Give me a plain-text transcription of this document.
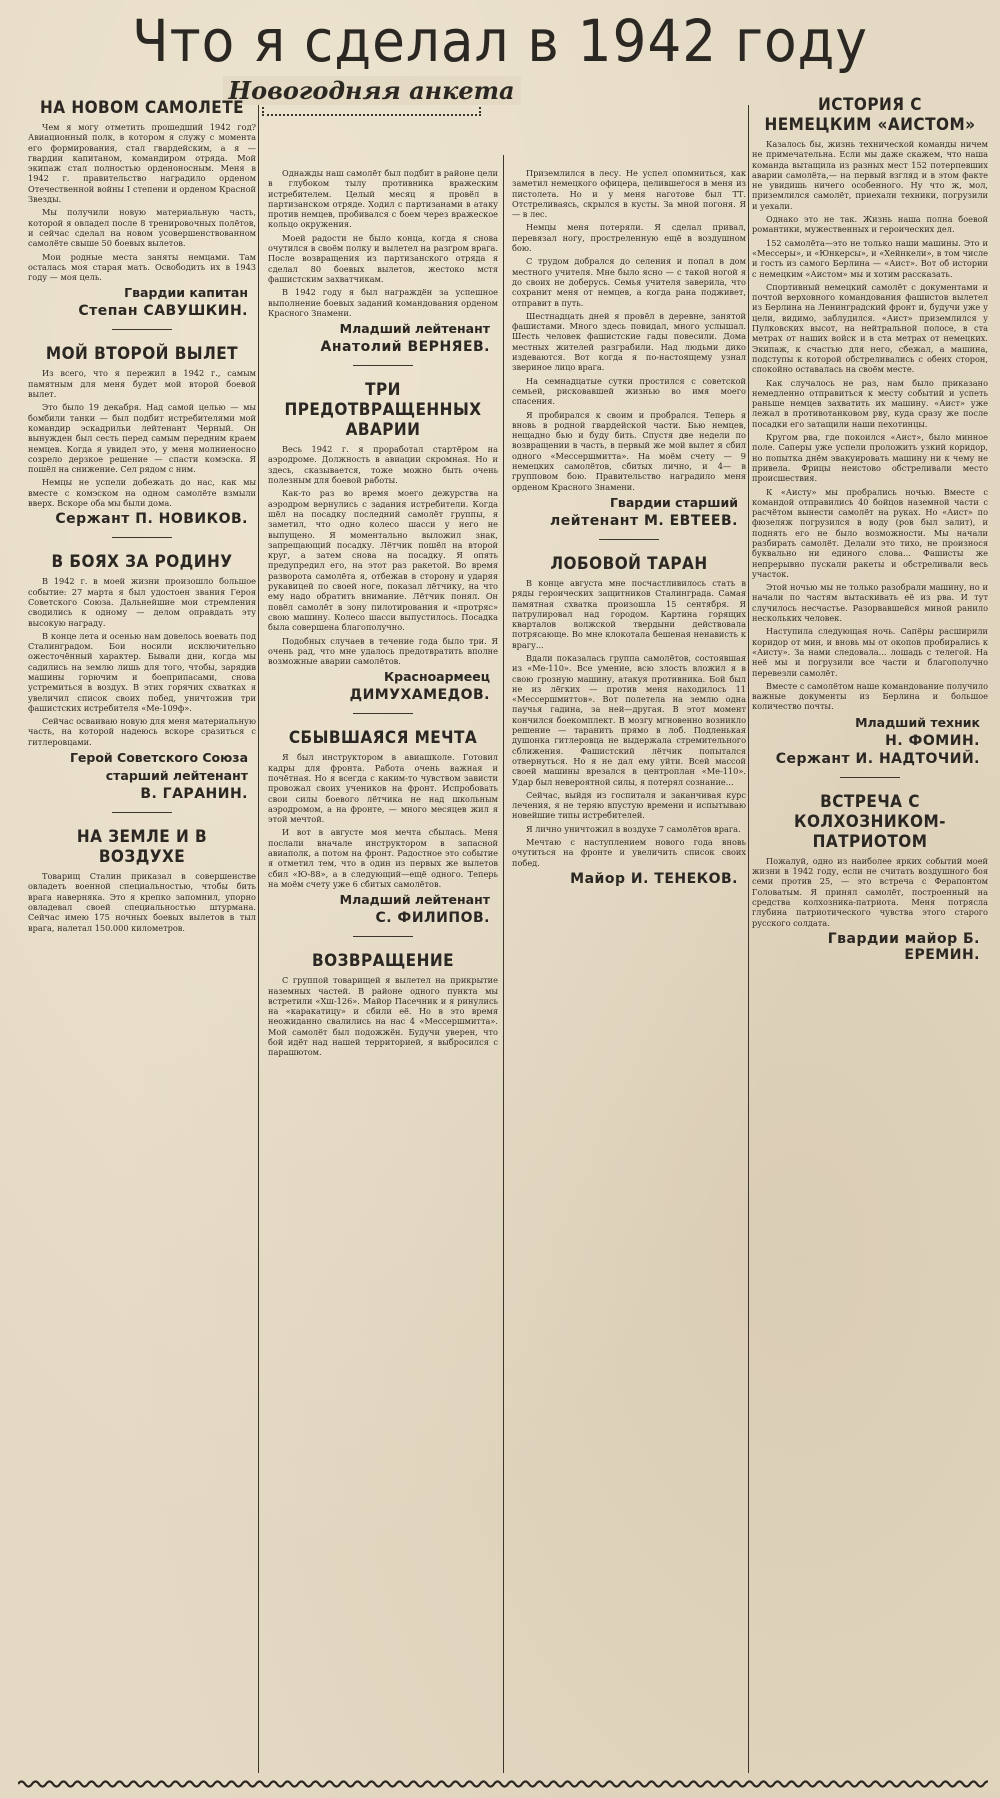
Что я сделал в 1942 году
Новогодняя анкета
НА НОВОМ САМОЛЕТЕ

Чем я могу отметить прошедший 1942 год? Авиационный полк, в котором я служу с момента его формирования, стал гвардейским, а я — гвардии капитаном, командиром отряда. Мой экипаж стал полностью орденоносным. Меня в 1942 г. правительство наградило орденом Отечественной войны I степени и орденом Красной Звезды.

Мы получили новую материальную часть, которой я овладел после 8 тренировочных полётов, и сейчас сделал на новом усовершенствованном самолёте свыше 50 боевых вылетов.

Мои родные места заняты немцами. Там осталась моя старая мать. Освободить их в 1943 году — моя цель.

Гвардии капитан
Степан САВУШКИН.
МОЙ ВТОРОЙ ВЫЛЕТ

Из всего, что я пережил в 1942 г., самым памятным для меня будет мой второй боевой вылет.

Это было 19 декабря. Над самой целью — мы бомбили танки — был подбит истребителями мой командир эскадрильи лейтенант Черный. Он вынужден был сесть перед самым передним краем немцев. Когда я увидел это, у меня молниеносно созрело дерзкое решение — спасти комэска. Я пошёл на снижение. Сел рядом с ним.

Немцы не успели добежать до нас, как мы вместе с комэском на одном самолёте взмыли вверх. Вскоре оба мы были дома.

Сержант П. НОВИКОВ.
В БОЯХ ЗА РОДИНУ

В 1942 г. в моей жизни произошло большое событие: 27 марта я был удостоен звания Героя Советского Союза. Дальнейшие мои стремления сводились к одному — делом оправдать эту высокую награду.

В конце лета и осенью нам довелось воевать под Сталинградом. Бои носили исключительно ожесточённый характер. Бывали дни, когда мы садились на землю лишь для того, чтобы, зарядив машины горючим и боеприпасами, снова устремиться в воздух. В этих горячих схватках я увеличил список своих побед, уничтожив три фашистских истребителя «Ме-109ф».

Сейчас осваиваю новую для меня материальную часть, на которой надеюсь вскоре сразиться с гитлеровцами.

Герой Советского Союза
старший лейтенант
В. ГАРАНИН.
НА ЗЕМЛЕ И В ВОЗДУХЕ

Товарищ Сталин приказал в совершенстве овладеть военной специальностью, чтобы бить врага наверняка. Это я крепко запомнил, упорно овладевал своей специальностью штурмана. Сейчас имею 175 ночных боевых вылетов в тыл врага, налетал 150.000 километров.

Однажды наш самолёт был подбит в районе цели в глубоком тылу противника вражеским истребителем. Целый месяц я провёл в партизанском отряде. Ходил с партизанами в атаку против немцев, пробивался с боем через вражеское кольцо окружения.

Моей радости не было конца, когда я снова очутился в своём полку и вылетел на разгром врага. После возвращения из партизанского отряда я сделал 80 боевых вылетов, жестоко мстя фашистским захватчикам.

В 1942 году я был награждён за успешное выполнение боевых заданий командования орденом Красного Знамени.

Младший лейтенант
Анатолий ВЕРНЯЕВ.
ТРИ ПРЕДОТВРАЩЕННЫХ АВАРИИ

Весь 1942 г. я проработал стартёром на аэродроме. Должность в авиации скромная. Но и здесь, сказывается, тоже можно быть очень полезным для боевой работы.

Как-то раз во время моего дежурства на аэродром вернулись с задания истребители. Когда шёл на посадку последний самолёт группы, я заметил, что одно колесо шасси у него не выпущено. Я моментально выложил знак, запрещающий посадку. Лётчик пошёл на второй круг, а затем снова на посадку. Я опять предупредил его, на этот раз ракетой. Во время разворота самолёта я, отбежав в сторону и ударяя рукавицей по своей ноге, показал лётчику, на что ему надо обратить внимание. Лётчик понял. Он повёл самолёт в зону пилотирования и «протряс» свою машину. Колесо шасси выпустилось. Посадка была совершена благополучно.

Подобных случаев в течение года было три. Я очень рад, что мне удалось предотвратить вполне возможные аварии самолётов.

Красноармеец
ДИМУХАМЕДОВ.
СБЫВШАЯСЯ МЕЧТА

Я был инструктором в авиашколе. Готовил кадры для фронта. Работа очень важная и почётная. Но я всегда с каким-то чувством зависти провожал своих учеников на фронт. Испробовать свои силы боевого лётчика не над школьным аэродромом, а на фронте, — много месяцев жил я этой мечтой.

И вот в августе моя мечта сбылась. Меня послали вначале инструктором в запасной авиаполк, а потом на фронт. Радостное это событие я отметил тем, что в один из первых же вылетов сбил «Ю-88», а в следующий—ещё одного. Теперь на моём счету уже 6 сбитых самолётов.

Младший лейтенант
С. ФИЛИПОВ.
ВОЗВРАЩЕНИЕ

С группой товарищей я вылетел на прикрытие наземных частей. В районе одного пункта мы встретили «Хш-126». Майор Пасечник и я ринулись на «каракатицу» и сбили её. Но в это время неожиданно свалились на нас 4 «Мессершмитта». Мой самолёт был подожжён. Будучи уверен, что бой идёт над нашей территорией, я выбросился с парашютом.

Приземлился в лесу. Не успел опомниться, как заметил немецкого офицера, целившегося в меня из пистолета. Но и у меня наготове был ТТ. Отстреливаясь, скрылся в кусты. За мной погоня. Я — в лес.

Немцы меня потеряли. Я сделал привал, перевязал ногу, простреленную ещё в воздушном бою.

С трудом добрался до селения и попал в дом местного учителя. Мне было ясно — с такой ногой я до своих не доберусь. Семья учителя заверила, что сохранит меня от немцев, а когда рана подживет, отправит в путь.

Шестнадцать дней я провёл в деревне, занятой фашистами. Много здесь повидал, много услышал. Шесть человек фашистские гады повесили. Дома местных жителей разграбили. Над людьми дико издеваются. Вот когда я по-настоящему узнал звериное лицо врага.

На семнадцатые сутки простился с советской семьей, рисковавшей жизнью во имя моего спасения.

Я пробирался к своим и пробрался. Теперь я вновь в родной гвардейской части. Бью немцев, нещадно бью и буду бить. Спустя две недели по возвращении в часть, в первый же мой вылет я сбил одного «Мессершмитта». На моём счету — 9 немецких самолётов, сбитых лично, и 4— в групповом бою. Правительство наградило меня орденом Красного Знамени.

Гвардии старший
лейтенант М. ЕВТЕЕВ.
ЛОБОВОЙ ТАРАН

В конце августа мне посчастливилось стать в ряды героических защитников Сталинграда. Самая памятная схватка произошла 15 сентября. Я патрулировал над городом. Картина горящих кварталов волжской твердыни действовала потрясающе. Во мне клокотала бешеная ненависть к врагу...

Вдали показалась группа самолётов, состоявшая из «Ме-110». Все умение, всю злость вложил я в свою грозную машину, атакуя противника. Бой был не из лёгких — против меня находилось 11 «Мессершмиттов». Вот полетела на землю одна паучья гадина, за ней—другая. В этот момент кончился боекомплект. В мозгу мгновенно возникло решение — таранить прямо в лоб. Подленькая душонка гитлеровца не выдержала стремительного сближения. Фашистский лётчик попытался отвернуться. Но я не дал ему уйти. Всей массой своей машины врезался в центроплан «Ме-110». Удар был невероятной силы, я потерял сознание...

Сейчас, выйдя из госпиталя и заканчивая курс лечения, я не теряю впустую времени и испытываю новейшие типы истребителей.

Я лично уничтожил в воздухе 7 самолётов врага.

Мечтаю с наступлением нового года вновь очутиться на фронте и увеличить список своих побед.

Майор И. ТЕНЕКОВ.
ИСТОРИЯ С НЕМЕЦКИМ «АИСТОМ»

Казалось бы, жизнь технической команды ничем не примечательна. Если мы даже скажем, что наша команда вытащила из разных мест 152 потерпевших аварии самолёта,— на первый взгляд и в этом факте не увидишь ничего особенного. Ну что ж, мол, приземлился самолёт, приехали техники, погрузили и уехали.

Однако это не так. Жизнь наша полна боевой романтики, мужественных и героических дел.

152 самолёта—это не только наши машины. Это и «Мессеры», и «Юнкерсы», и «Хейнкели», в том числе и гость из самого Берлина — «Аист». Вот об истории с немецким «Аистом» мы и хотим рассказать.

Спортивный немецкий самолёт с документами и почтой верховного командования фашистов вылетел из Берлина на Ленинградский фронт и, будучи уже у цели, видимо, заблудился. «Аист» приземлился у Пулковских высот, на нейтральной полосе, в ста метрах от наших войск и в ста метрах от немецких. Экипаж, к счастью для него, сбежал, а машина, подступы к которой обстреливались с обеих сторон, спокойно оставалась на своём месте.

Как случалось не раз, нам было приказано немедленно отправиться к месту событий и успеть раньше немцев захватить их машину. «Аист» уже лежал в противотанковом рву, куда сразу же после посадки его затащили наши пехотинцы.

Кругом рва, где покоился «Аист», было минное поле. Саперы уже успели проложить узкий коридор, но попытка днём эвакуировать машину ни к чему не привела. Фрицы неистово обстреливали место происшествия.

К «Аисту» мы пробрались ночью. Вместе с командой отправились 40 бойцов наземной части с расчётом вынести самолёт на руках. Но «Аист» по фюзеляж погрузился в воду (ров был залит), и поднять его не было возможности. Мы начали разбирать самолёт. Делали это тихо, не произнося буквально ни единого слова... Фашисты же непрерывно пускали ракеты и обстреливали весь участок.

Этой ночью мы не только разобрали машину, но и начали по частям вытаскивать её из рва. И тут случилось несчастье. Разорвавшейся миной ранило нескольких человек.

Наступила следующая ночь. Сапёры расширили коридор от мин, и вновь мы от окопов пробирались к «Аисту». За нами следовала... лошадь с телегой. На неё мы и погрузили все части и благополучно перевезли самолёт.

Вместе с самолётом наше командование получило важные документы из Берлина и большое количество почты.

Младший техник
Н. ФОМИН.
Сержант И. НАДТОЧИЙ.
ВСТРЕЧА С КОЛХОЗНИКОМ-ПАТРИОТОМ

Пожалуй, одно из наиболее ярких событий моей жизни в 1942 году, если не считать воздушного боя семи против 25, — это встреча с Ферапонтом Головатым. Я принял самолёт, построенный на средства колхозника-патриота. Меня потрясла глубина патриотического чувства этого старого русского солдата.

Гвардии майор Б. ЕРЕМИН.
